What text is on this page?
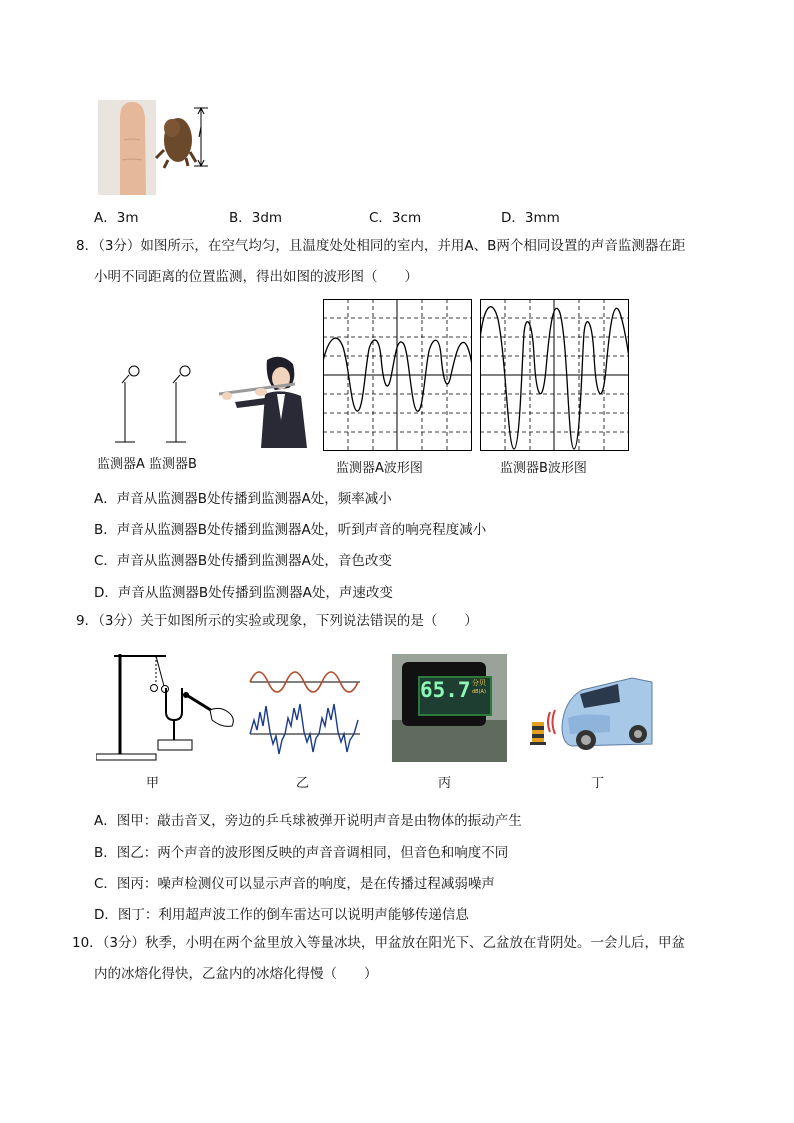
l
A．3m	B．3dm	C．3cm	D．3mm
8．（3分）如图所示，在空气均匀，且温度处处相同的室内，并用A、B两个相同设置的声音监测器在距
小明不同距离的位置监测，得出如图的波形图（　　）
监测器A 监测器B	监测器A波形图	监测器B波形图
A．声音从监测器B处传播到监测器A处，频率减小
B．声音从监测器B处传播到监测器A处，听到声音的响亮程度减小
C．声音从监测器B处传播到监测器A处，音色改变
D．声音从监测器B处传播到监测器A处，声速改变
9．（3分）关于如图所示的实验或现象，下列说法错误的是（　　）
甲	乙
65.7 分贝
dB(A)
丙	丁
A．图甲：敲击音叉，旁边的乒乓球被弹开说明声音是由物体的振动产生
B．图乙：两个声音的波形图反映的声音音调相同，但音色和响度不同
C．图丙：噪声检测仪可以显示声音的响度，是在传播过程减弱噪声
D．图丁：利用超声波工作的倒车雷达可以说明声能够传递信息
10．（3分）秋季，小明在两个盆里放入等量冰块，甲盆放在阳光下、乙盆放在背阴处。一会儿后，甲盆
内的冰熔化得快，乙盆内的冰熔化得慢（　　）
